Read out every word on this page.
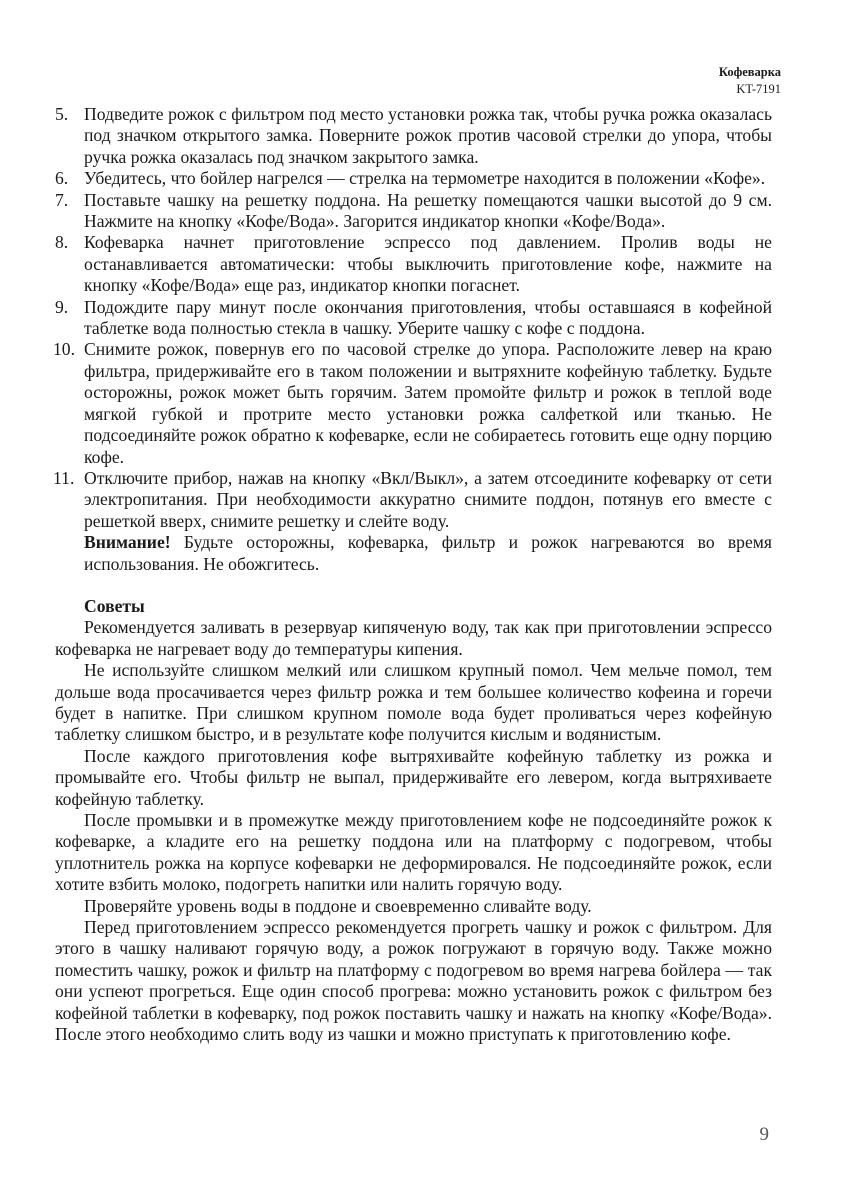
Кофеварка
KT-7191
5. Подведите рожок с фильтром под место установки рожка так, чтобы ручка рожка оказалась под значком открытого замка. Поверните рожок против часовой стрелки до упора, чтобы ручка рожка оказалась под значком закрытого замка.
6. Убедитесь, что бойлер нагрелся — стрелка на термометре находится в положении «Кофе».
7. Поставьте чашку на решетку поддона. На решетку помещаются чашки высотой до 9 см. Нажмите на кнопку «Кофе/Вода». Загорится индикатор кнопки «Кофе/Вода».
8. Кофеварка начнет приготовление эспрессо под давлением. Пролив воды не останавливается автоматически: чтобы выключить приготовление кофе, нажмите на кнопку «Кофе/Вода» еще раз, индикатор кнопки погаснет.
9. Подождите пару минут после окончания приготовления, чтобы оставшаяся в кофейной таблетке вода полностью стекла в чашку. Уберите чашку с кофе с поддона.
10. Снимите рожок, повернув его по часовой стрелке до упора. Расположите левер на краю фильтра, придерживайте его в таком положении и вытряхните кофейную таблетку. Будьте осторожны, рожок может быть горячим. Затем промойте фильтр и рожок в теплой воде мягкой губкой и протрите место установки рожка салфеткой или тканью. Не подсоединяйте рожок обратно к кофеварке, если не собираетесь готовить еще одну порцию кофе.
11. Отключите прибор, нажав на кнопку «Вкл/Выкл», а затем отсоедините кофеварку от сети электропитания. При необходимости аккуратно снимите поддон, потянув его вместе с решеткой вверх, снимите решетку и слейте воду.
Внимание! Будьте осторожны, кофеварка, фильтр и рожок нагреваются во время использования. Не обожгитесь.
Советы

Рекомендуется заливать в резервуар кипяченую воду, так как при приготовлении эспрессо кофеварка не нагревает воду до температуры кипения.

Не используйте слишком мелкий или слишком крупный помол. Чем мельче помол, тем дольше вода просачивается через фильтр рожка и тем большее количество кофеина и горечи будет в напитке. При слишком крупном помоле вода будет проливаться через кофейную таблетку слишком быстро, и в результате кофе получится кислым и водянистым.

После каждого приготовления кофе вытряхивайте кофейную таблетку из рожка и промывайте его. Чтобы фильтр не выпал, придерживайте его левером, когда вытряхиваете кофейную таблетку.

После промывки и в промежутке между приготовлением кофе не подсоединяйте рожок к кофеварке, а кладите его на решетку поддона или на платформу с подогревом, чтобы уплотнитель рожка на корпусе кофеварки не деформировался. Не подсоединяйте рожок, если хотите взбить молоко, подогреть напитки или налить горячую воду.

Проверяйте уровень воды в поддоне и своевременно сливайте воду.

Перед приготовлением эспрессо рекомендуется прогреть чашку и рожок с фильтром. Для этого в чашку наливают горячую воду, а рожок погружают в горячую воду. Также можно поместить чашку, рожок и фильтр на платформу с подогревом во время нагрева бойлера — так они успеют прогреться. Еще один способ прогрева: можно установить рожок с фильтром без кофейной таблетки в кофеварку, под рожок поставить чашку и нажать на кнопку «Кофе/Вода». После этого необходимо слить воду из чашки и можно приступать к приготовлению кофе.

9
